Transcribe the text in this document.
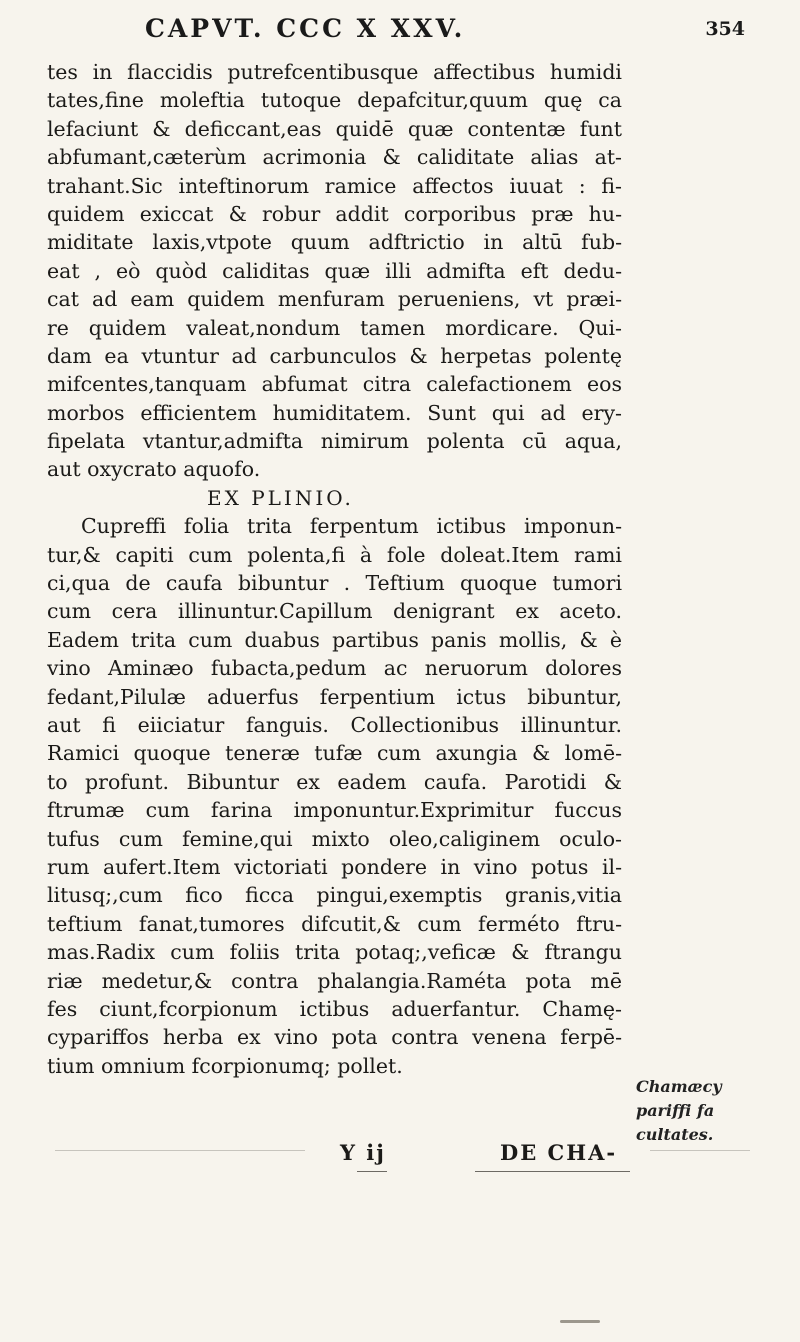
CAPVT. CCC X XXV.	354
tes in flaccidis putrefcentibusque affectibus humidi
tates,fine moleftia tutoque depafcitur,quum quę ca
lefaciunt & deficcant,eas quidē quæ contentæ funt
abfumant,cæterùm acrimonia & caliditate alias at-
trahant.Sic inteftinorum ramice affectos iuuat : fi-
quidem exiccat & robur addit corporibus præ hu-
miditate laxis,vtpote quum adftrictio in altū fub-
eat , eò quòd caliditas quæ illi admifta eft dedu-
cat ad eam quidem menfuram perueniens, vt præi-
re quidem valeat,nondum tamen mordicare. Qui-
dam ea vtuntur ad carbunculos & herpetas polentę
mifcentes,tanquam abfumat citra calefactionem eos
morbos efficientem humiditatem. Sunt qui ad ery-
fipelata vtantur,admifta nimirum polenta cū aqua,
aut oxycrato aquofo.
EX PLINIO.
Cupreffi folia trita ferpentum ictibus imponun-
tur,& capiti cum polenta,fi à fole doleat.Item rami
ci,qua de caufa bibuntur . Teftium quoque tumori
cum cera illinuntur.Capillum denigrant ex aceto.
Eadem trita cum duabus partibus panis mollis, & è
vino Aminæo fubacta,pedum ac neruorum dolores
fedant,Pilulæ aduerfus ferpentium ictus bibuntur,
aut fi eiiciatur fanguis. Collectionibus illinuntur.
Ramici quoque teneræ tufæ cum axungia & lomē-
to profunt. Bibuntur ex eadem caufa. Parotidi &
ftrumæ cum farina imponuntur.Exprimitur fuccus
tufus cum femine,qui mixto oleo,caliginem oculo-
rum aufert.Item victoriati pondere in vino potus il-
litusq;,cum fico ficca pingui,exemptis granis,vitia
teftium fanat,tumores difcutit,& cum ferméto ftru-
mas.Radix cum foliis trita potaq;,veficæ & ftrangu
riæ medetur,& contra phalangia.Raméta pota mē
fes ciunt,fcorpionum ictibus aduerfantur. Chamę-
cypariffos herba ex vino pota contra venena ferpē-
tium omnium fcorpionumq; pollet.
Chamæcy
pariffi fa
cultates.
Y ij	DE CHA-
